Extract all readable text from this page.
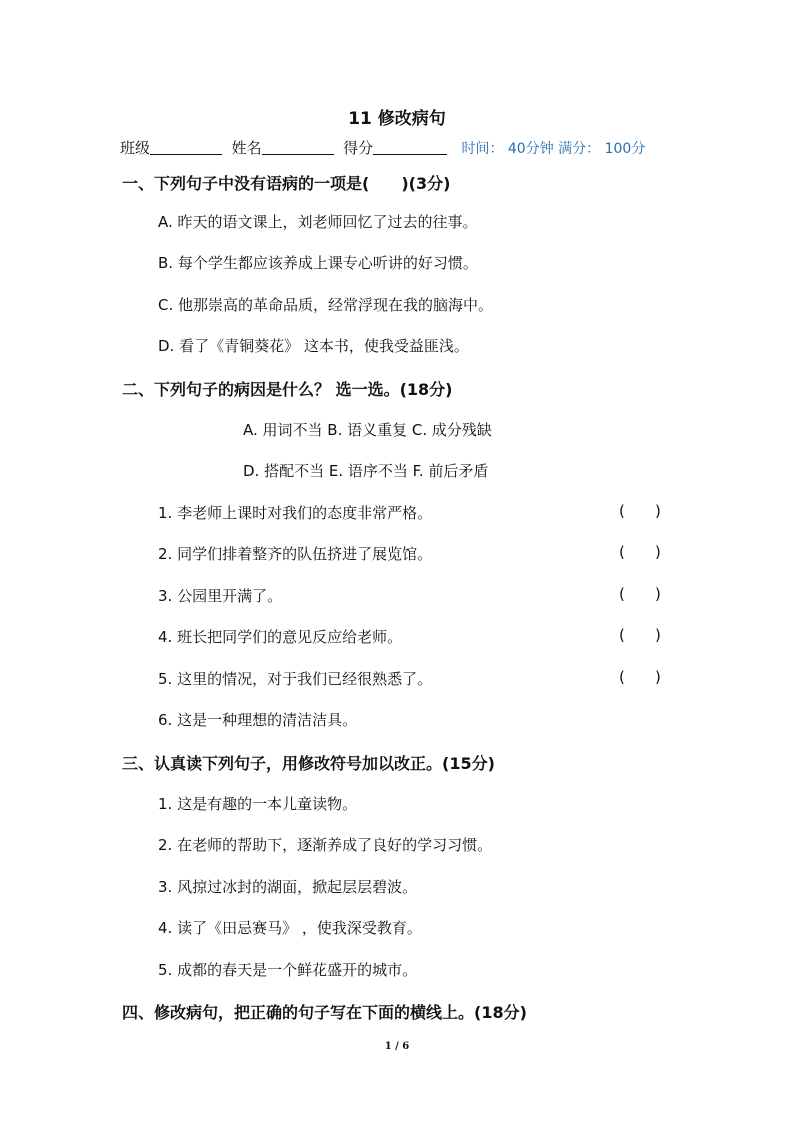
11 修改病句
班级	姓名	得分	时间： 40分钟 满分： 100分
一、下列句子中没有语病的一项是(　　)(3分)
A. 昨天的语文课上，刘老师回忆了过去的往事。
B. 每个学生都应该养成上课专心听讲的好习惯。
C. 他那崇高的革命品质，经常浮现在我的脑海中。
D. 看了《青铜葵花》 这本书，使我受益匪浅。
二、下列句子的病因是什么？ 选一选。(18分)
A. 用词不当 B. 语义重复 C. 成分残缺
D. 搭配不当 E. 语序不当 F. 前后矛盾
1. 李老师上课时对我们的态度非常严格。	( )
2. 同学们排着整齐的队伍挤进了展览馆。	( )
3. 公园里开满了。	( )
4. 班长把同学们的意见反应给老师。	( )
5. 这里的情况，对于我们已经很熟悉了。	( )
6. 这是一种理想的清洁洁具。
三、认真读下列句子，用修改符号加以改正。(15分)
1. 这是有趣的一本儿童读物。
2. 在老师的帮助下，逐渐养成了良好的学习习惯。
3. 风掠过冰封的湖面，掀起层层碧波。
4. 读了《田忌赛马》 ，使我深受教育。
5. 成都的春天是一个鲜花盛开的城市。
四、修改病句，把正确的句子写在下面的横线上。(18分)
1 / 6
